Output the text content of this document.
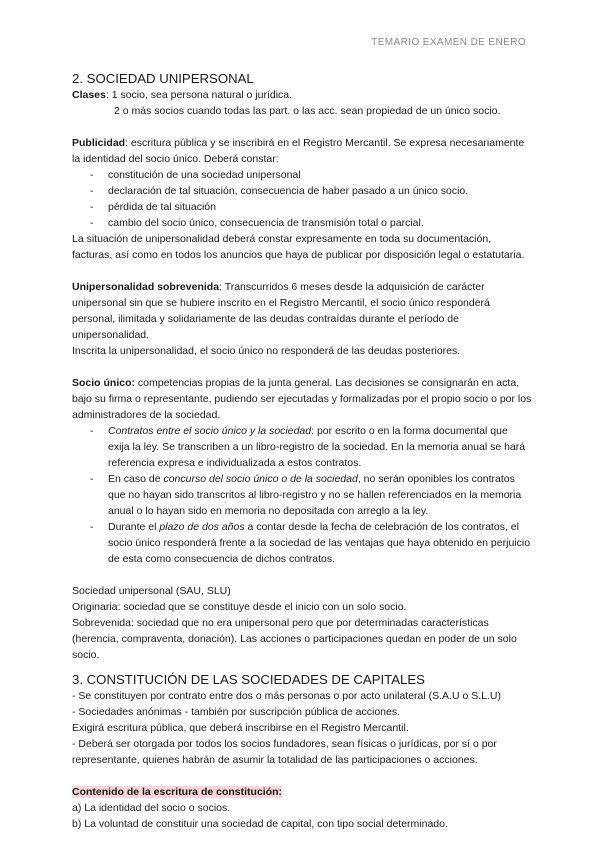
TEMARIO EXAMEN DE ENERO

2. SOCIEDAD UNIPERSONAL

Clases: 1 socio, sea persona natural o jurídica.

2 o más socios cuando todas las part. o las acc. sean propiedad de un único socio.

Publicidad: escritura pública y se inscribirá en el Registro Mercantil. Se expresa necesariamente la identidad del socio único. Deberá constar:

- constitución de una sociedad unipersonal
- declaración de tal situación, consecuencia de haber pasado a un único socio.
- pérdida de tal situación
- cambio del socio único, consecuencia de transmisión total o parcial.

La situación de unipersonalidad deberá constar expresamente en toda su documentación, facturas, así como en todos los anuncios que haya de publicar por disposición legal o estatutaria.

Unipersonalidad sobrevenida: Transcurridos 6 meses desde la adquisición de carácter unipersonal sin que se hubiere inscrito en el Registro Mercantil, el socio único responderá personal, ilimitada y solidariamente de las deudas contraídas durante el período de unipersonalidad.

Inscrita la unipersonalidad, el socio único no responderá de las deudas posteriores.

Socio único: competencias propias de la junta general. Las decisiones se consignarán en acta, bajo su firma o representante, pudiendo ser ejecutadas y formalizadas por el propio socio o por los administradores de la sociedad.

- Contratos entre el socio único y la sociedad: por escrito o en la forma documental que exija la ley. Se transcriben a un libro-registro de la sociedad. En la memoria anual se hará referencia expresa e individualizada a estos contratos.
- En caso de concurso del socio único o de la sociedad, no serán oponibles los contratos que no hayan sido transcritos al libro-registro y no se hallen referenciados en la memoria anual o lo hayan sido en memoria no depositada con arreglo a la ley.
- Durante el plazo de dos años a contar desde la fecha de celebración de los contratos, el socio único responderá frente a la sociedad de las ventajas que haya obtenido en perjuicio de esta como consecuencia de dichos contratos.

Sociedad unipersonal (SAU, SLU)

Originaria: sociedad que se constituye desde el inicio con un solo socio.

Sobrevenida: sociedad que no era unipersonal pero que por determinadas características (herencia, compraventa, donación). Las acciones o participaciones quedan en poder de un solo socio.

3. CONSTITUCIÓN DE LAS SOCIEDADES DE CAPITALES

- Se constituyen por contrato entre dos o más personas o por acto unilateral (S.A.U o S.L.U)

- Sociedades anónimas - también por suscripción pública de acciones.

Exigirá escritura pública, que deberá inscribirse en el Registro Mercantil.

- Deberá ser otorgada por todos los socios fundadores, sean físicas o jurídicas, por sí o por representante, quienes habrán de asumir la totalidad de las participaciones o acciones.

Contenido de la escritura de constitución:

a) La identidad del socio o socios.

b) La voluntad de constituir una sociedad de capital, con tipo social determinado.
